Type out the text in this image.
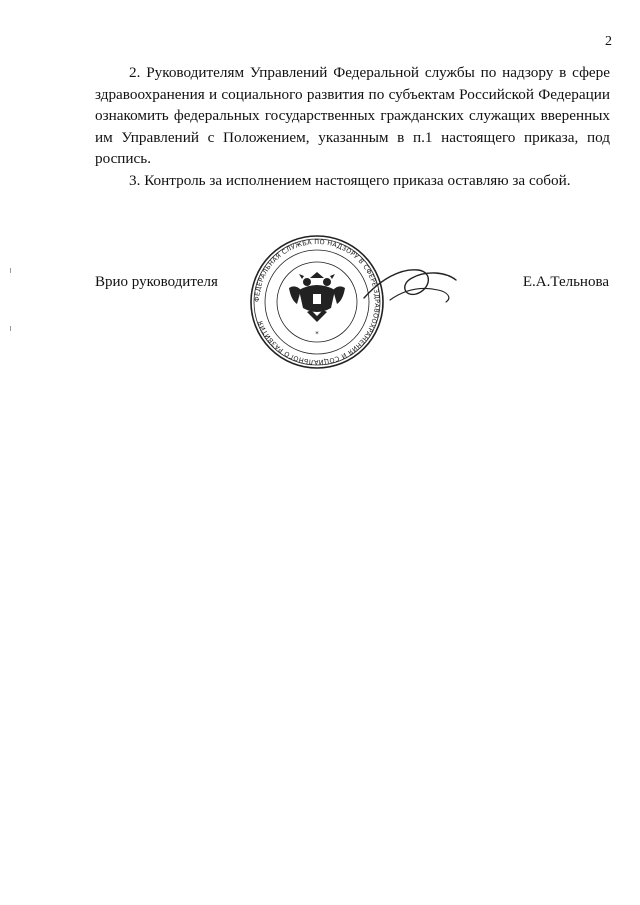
2

2. Руководителям Управлений Федеральной службы по надзору в сфере здравоохранения и социального развития по субъектам Российской Федерации ознакомить федеральных государственных гражданских служащих вверенных им Управлений с Положением, указанным в п.1 настоящего приказа, под роспись.

3. Контроль за исполнением настоящего приказа оставляю за собой.

Врио руководителя
ФЕДЕРАЛЬНАЯ СЛУЖБА ПО НАДЗОРУ В СФЕРЕ ЗДРАВООХРАНЕНИЯ И СОЦИАЛЬНОГО РАЗВИТИЯ
*
Е.А.Тельнова
